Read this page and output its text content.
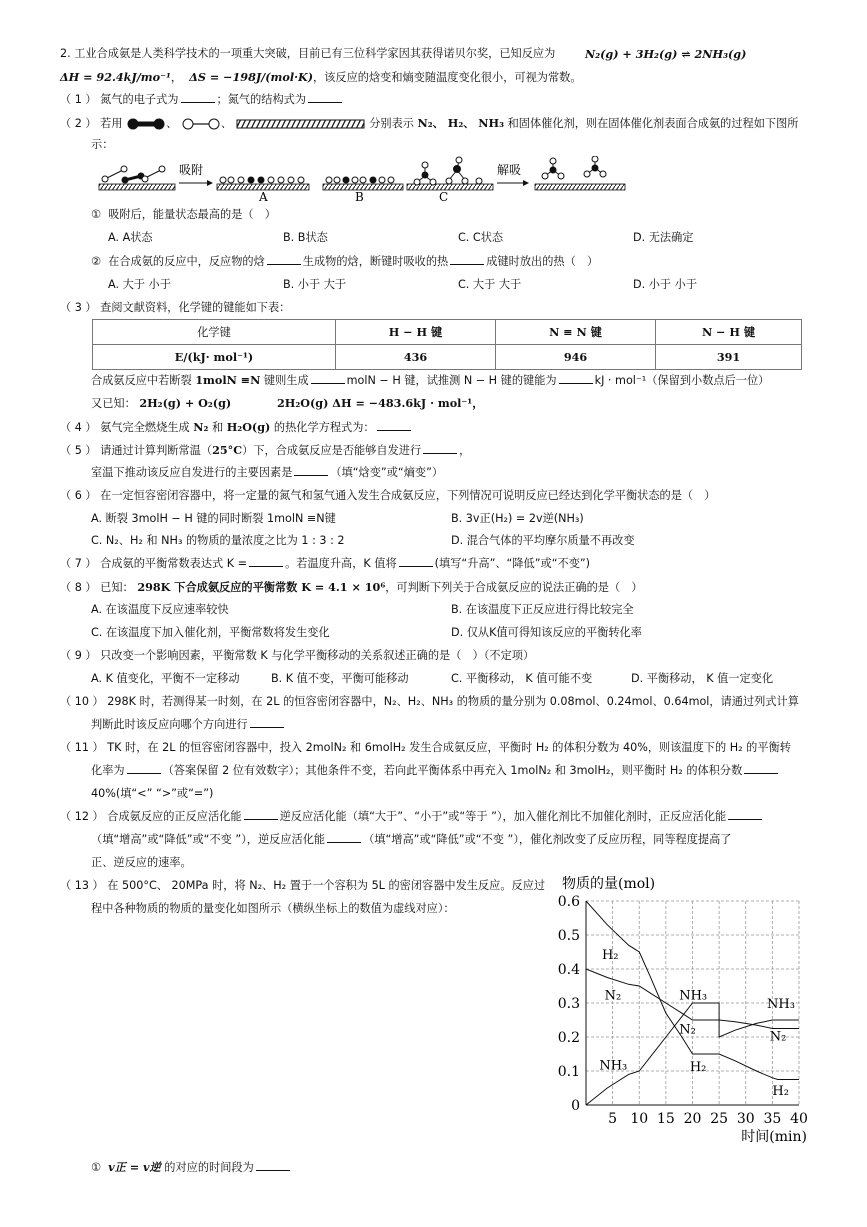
2. 工业合成氨是人类科学技术的一项重大突破，目前已有三位科学家因其获得诺贝尔奖，已知反应为	N₂(g) + 3H₂(g) ⇌ 2NH₃(g)
ΔH = 92.4kJ/mo⁻¹，  ΔS = −198J/(mol·K)，该反应的焓变和熵变随温度变化很小，可视为常数。
（ 1 ） 氮气的电子式为	；氮气的结构式为
（ 2 ） 若用	、	、	分别表示 N₂、 H₂、 NH₃ 和固体催化剂，则在固体催化剂表面合成氨的过程如下图所
示：
吸附
A	B	C
解吸
① 吸附后，能量状态最高的是（　）
A. A状态	B. B状态	C. C状态	D. 无法确定
② 在合成氨的反应中，反应物的焓	生成物的焓，断键时吸收的热	成键时放出的热（　）
A. 大于 小于	B. 小于 大于	C. 大于 大于	D. 小于 小于
（ 3 ） 查阅文献资料，化学键的键能如下表：
化学键	H − H 键	N ≡ N 键	N − H 键
E/(kJ· mol⁻¹)	436	946	391
合成氨反应中若断裂 1molN ≡N 键则生成	molN − H 键，试推测 N − H 键的键能为	kJ · mol⁻¹（保留到小数点后一位）
又已知： 2H₂(g) + O₂(g)	2H₂O(g) ΔH = −483.6kJ · mol⁻¹，
（ 4 ） 氨气完全燃烧生成 N₂ 和 H₂O(g) 的热化学方程式为：
（ 5 ） 请通过计算判断常温（25°C）下，合成氨反应是否能够自发进行	，
室温下推动该反应自发进行的主要因素是	（填“焓变”或“熵变”）
（ 6 ） 在一定恒容密闭容器中，将一定量的氮气和氢气通入发生合成氨反应，下列情况可说明反应已经达到化学平衡状态的是（　）
A. 断裂 3molH − H 键的同时断裂 1molN ≡N键	B. 3v正(H₂) = 2v逆(NH₃)
C. N₂、H₂ 和 NH₃ 的物质的量浓度之比为 1 : 3 : 2	D. 混合气体的平均摩尔质量不再改变
（ 7 ） 合成氨的平衡常数表达式 K =	。若温度升高，K 值将	(填写“升高”、“降低”或“不变”)
（ 8 ） 已知： 298K 下合成氨反应的平衡常数 K = 4.1 × 10⁶，可判断下列关于合成氨反应的说法正确的是（　）
A. 在该温度下反应速率较快	B. 在该温度下正反应进行得比较完全
C. 在该温度下加入催化剂，平衡常数将发生变化	D. 仅从K值可得知该反应的平衡转化率
（ 9 ） 只改变一个影响因素，平衡常数 K 与化学平衡移动的关系叙述正确的是（　）（不定项）
A. K 值变化，平衡不一定移动	B. K 值不变，平衡可能移动	C. 平衡移动， K 值可能不变	D. 平衡移动， K 值一定变化
（ 10 ） 298K 时，若测得某一时刻，在 2L 的恒容密闭容器中，N₂、H₂、NH₃ 的物质的量分别为 0.08mol、0.24mol、0.64mol，请通过列式计算
判断此时该反应向哪个方向进行
（ 11 ） TK 时，在 2L 的恒容密闭容器中，投入 2molN₂ 和 6molH₂ 发生合成氨反应，平衡时 H₂ 的体积分数为 40%，则该温度下的 H₂ 的平衡转
化率为	（答案保留 2 位有效数字）；其他条件不变，若向此平衡体系中再充入 1molN₂ 和 3molH₂，则平衡时 H₂ 的体积分数
40%(填“<” “>”或“=”)
（ 12 ） 合成氨反应的正反应活化能	逆反应活化能（填“大于”、“小于”或“等于 ”），加入催化剂比不加催化剂时，正反应活化能
（填“增高”或“降低”或“不变 ”），逆反应活化能	（填“增高”或“降低”或“不变 ”），催化剂改变了反应历程，同等程度提高了
正、逆反应的速率。
（ 13 ） 在 500°C、 20MPa 时，将 N₂、H₂ 置于一个容积为 5L 的密闭容器中发生反应。反应过
程中各种物质的物质的量变化如图所示（横纵坐标上的数值为虚线对应）：
0
0.1
0.2
0.3
0.4
0.5
0.6
5 10 15 20 25 30 35 40
物质的量(mol)
时间(min)
H₂
N₂
NH₃
NH₃
N₂
H₂
N₂
H₂
NH₃
① v正 = v逆 的对应的时间段为
